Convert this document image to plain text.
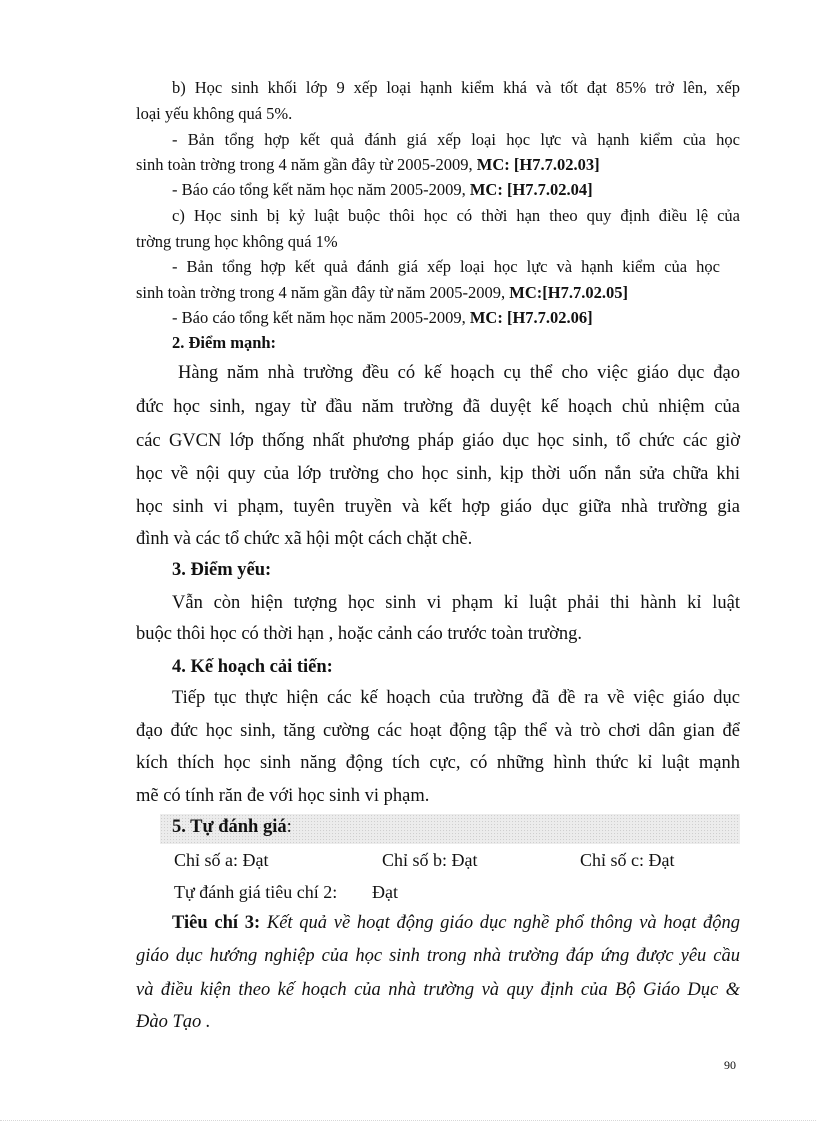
b) Học sinh khối lớp 9 xếp loại hạnh kiểm khá và tốt đạt 85% trở lên, xếp
loại yếu không quá 5%.
- Bản tổng hợp kết quả đánh giá xếp loại học lực và hạnh kiểm của học
sinh toàn trờng trong 4 năm gần đây từ 2005-2009, MC: [H7.7.02.03]
- Báo cáo tổng kết năm học năm 2005-2009, MC: [H7.7.02.04]
c) Học sinh bị kỷ luật buộc thôi học có thời hạn theo quy định điều lệ của
trờng trung học không quá 1%
- Bản tổng hợp kết quả đánh giá xếp loại học lực và hạnh kiểm của học
sinh toàn trờng trong 4 năm gần đây từ năm 2005-2009, MC:[H7.7.02.05]
- Báo cáo tổng kết năm học năm 2005-2009, MC: [H7.7.02.06]
2. Điểm mạnh:
Hàng năm nhà trường đều có kế hoạch cụ thể cho việc giáo dục đạo
đức học sinh, ngay từ đầu năm trường đã duyệt kế hoạch chủ nhiệm của
các GVCN lớp thống nhất phương pháp giáo dục học sinh, tổ chức các giờ
học về nội quy của lớp trường cho học sinh, kịp thời uốn nắn sửa chữa khi
học sinh vi phạm, tuyên truyền và kết hợp giáo dục giữa nhà trường gia
đình và các tổ chức xã hội một cách chặt chẽ.
3. Điểm yếu:
Vẫn còn hiện tượng học sinh vi phạm kỉ luật phải thi hành kỉ luật
buộc thôi học có thời hạn , hoặc cảnh cáo trước toàn trường.
4. Kế hoạch cải tiến:
Tiếp tục thực hiện các kế hoạch của trường đã đề ra về việc giáo dục
đạo đức học sinh, tăng cường các hoạt động tập thể và trò chơi dân gian để
kích thích học sinh năng động tích cực, có những hình thức kỉ luật mạnh
mẽ có tính răn đe với học sinh vi phạm.
5. Tự đánh giá:
Chỉ số a: Đạt	Chỉ số b: Đạt	Chỉ số c: Đạt
Tự đánh giá tiêu chí 2: Đạt
Tiêu chí 3: Kết quả về hoạt động giáo dục nghề phổ thông và hoạt động
giáo dục hướng nghiệp của học sinh trong nhà trường đáp ứng được yêu cầu
và điều kiện theo kế hoạch của nhà trường và quy định của Bộ Giáo Dục &
Đào Tạo .
90
